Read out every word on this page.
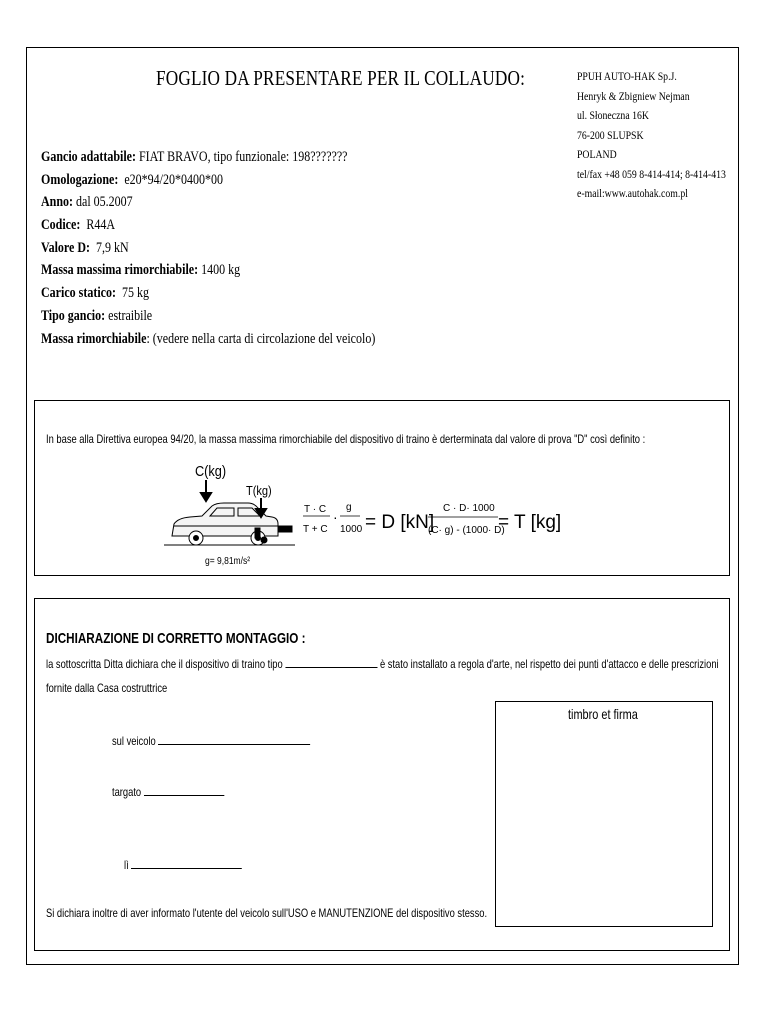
FOGLIO DA PRESENTARE PER IL COLLAUDO:	PPUH AUTO-HAK Sp.J.
Henryk & Zbigniew Nejman
ul. Słoneczna 16K
76-200 SLUPSK
POLAND
tel/fax +48 059 8-414-414; 8-414-413
e-mail:www.autohak.com.pl
Gancio adattabile: FIAT BRAVO, tipo funzionale: 198???????
Omologazione: e20*94/20*0400*00
Anno: dal 05.2007
Codice: R44A
Valore D: 7,9 kN
Massa massima rimorchiabile: 1400 kg
Carico statico: 75 kg
Tipo gancio: estraibile
Massa rimorchiabile: (vedere nella carta di circolazione del veicolo)
In base alla Direttiva europea 94/20, la massa massima rimorchiabile del dispositivo di traino è derterminata dal valore di prova "D" così definito :
C(kg)
T(kg)
g= 9,81m/s²
T · C
T + C
·
g
1000 = D [kN]
C · D· 1000
(C· g) - (1000· D)
= T [kg]
DICHIARAZIONE DI CORRETTO MONTAGGIO :
la sottoscritta Ditta dichiara che il dispositivo di traino tipo	è stato installato a regola d'arte, nel rispetto dei punti d'attacco e delle prescrizioni
fornite dalla Casa costruttrice
sul veicolo
targato
lì
timbro et firma
Si dichiara inoltre di aver informato l'utente del veicolo sull'USO e MANUTENZIONE del dispositivo stesso.
